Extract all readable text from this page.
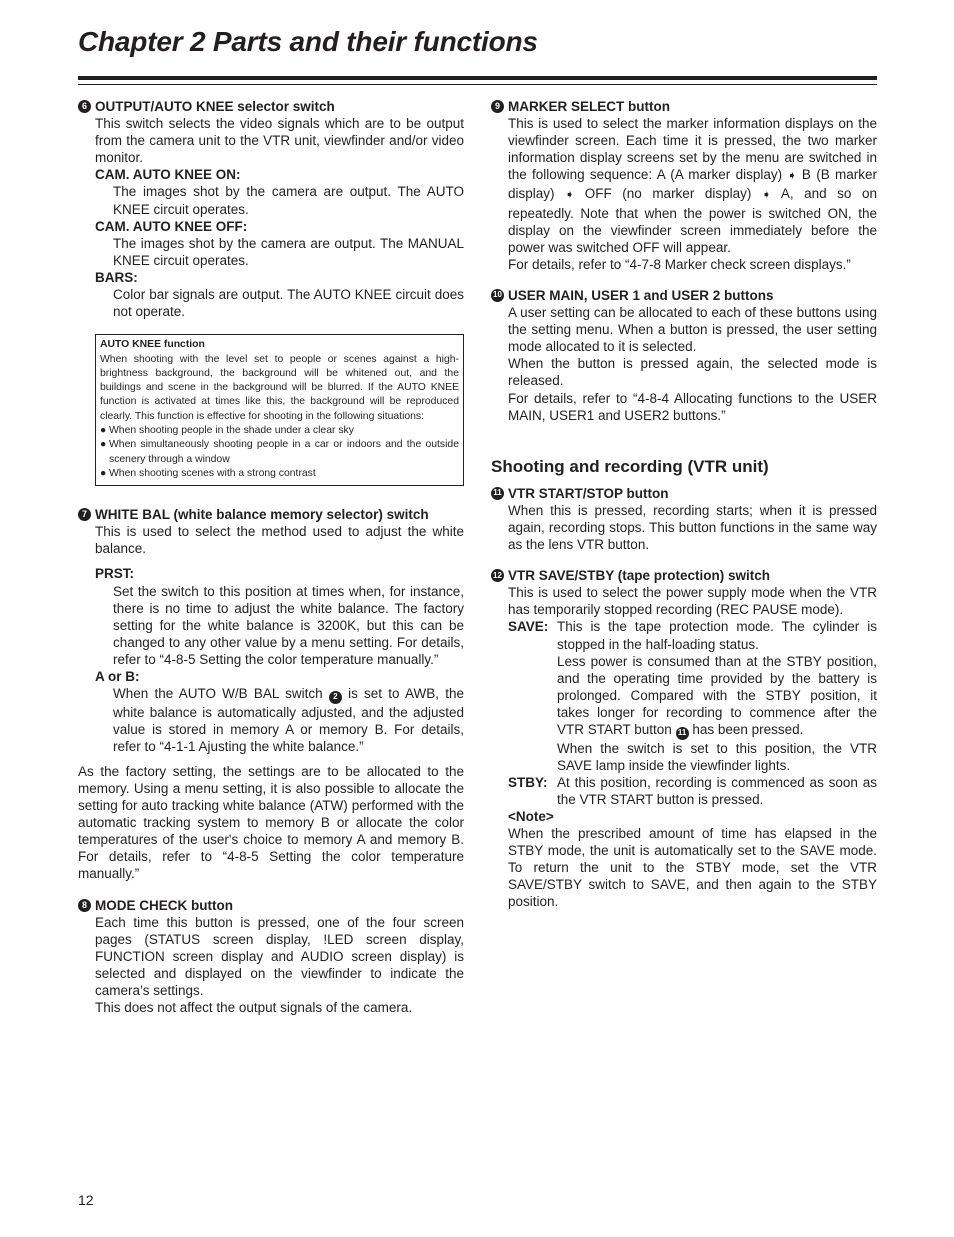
Chapter 2 Parts and their functions
6 OUTPUT/AUTO KNEE selector switch

This switch selects the video signals which are to be output from the camera unit to the VTR unit, viewfinder and/or video monitor.

CAM. AUTO KNEE ON:

The images shot by the camera are output. The AUTO KNEE circuit operates.

CAM. AUTO KNEE OFF:

The images shot by the camera are output. The MANUAL KNEE circuit operates.

BARS:

Color bar signals are output. The AUTO KNEE circuit does not operate.

AUTO KNEE function

When shooting with the level set to people or scenes against a high-brightness background, the background will be whitened out, and the buildings and scene in the background will be blurred. If the AUTO KNEE function is activated at times like this, the background will be reproduced clearly. This function is effective for shooting in the following situations:

● When shooting people in the shade under a clear sky
● When simultaneously shooting people in a car or indoors and the outside scenery through a window
● When shooting scenes with a strong contrast
7 WHITE BAL (white balance memory selector) switch

This is used to select the method used to adjust the white balance.

PRST:

Set the switch to this position at times when, for instance, there is no time to adjust the white balance. The factory setting for the white balance is 3200K, but this can be changed to any other value by a menu setting. For details, refer to “4-8-5 Setting the color temperature manually.”

A or B:

When the AUTO W/B BAL switch 2 is set to AWB, the white balance is automatically adjusted, and the adjusted value is stored in memory A or memory B. For details, refer to “4-1-1 Ajusting the white balance.”

As the factory setting, the settings are to be allocated to the memory. Using a menu setting, it is also possible to allocate the setting for auto tracking white balance (ATW) performed with the automatic tracking system to memory B or allocate the color temperatures of the user's choice to memory A and memory B. For details, refer to “4-8-5 Setting the color temperature manually.”

8 MODE CHECK button

Each time this button is pressed, one of the four screen pages (STATUS screen display, !LED screen display, FUNCTION screen display and AUDIO screen display) is selected and displayed on the viewfinder to indicate the camera’s settings.

This does not affect the output signals of the camera.

9 MARKER SELECT button

This is used to select the marker information displays on the viewfinder screen. Each time it is pressed, the two marker information display screens set by the menu are switched in the following sequence: A (A marker display) ➧ B (B marker display) ➧ OFF (no marker display) ➧ A, and so on repeatedly. Note that when the power is switched ON, the display on the viewfinder screen immediately before the power was switched OFF will appear.

For details, refer to “4-7-8 Marker check screen displays.”

10 USER MAIN, USER 1 and USER 2 buttons

A user setting can be allocated to each of these buttons using the setting menu. When a button is pressed, the user setting mode allocated to it is selected.

When the button is pressed again, the selected mode is released.

For details, refer to “4-8-4 Allocating functions to the USER MAIN, USER1 and USER2 buttons.”

Shooting and recording (VTR unit)
11 VTR START/STOP button

When this is pressed, recording starts; when it is pressed again, recording stops. This button functions in the same way as the lens VTR button.

12 VTR SAVE/STBY (tape protection) switch

This is used to select the power supply mode when the VTR has temporarily stopped recording (REC PAUSE mode).

SAVE: This is the tape protection mode. The cylinder is stopped in the half-loading status.

Less power is consumed than at the STBY position, and the operating time provided by the battery is prolonged. Compared with the STBY position, it takes longer for recording to commence after the VTR START button 11 has been pressed.

When the switch is set to this position, the VTR SAVE lamp inside the viewfinder lights.

STBY: At this position, recording is commenced as soon as the VTR START button is pressed.

<Note>

When the prescribed amount of time has elapsed in the STBY mode, the unit is automatically set to the SAVE mode. To return the unit to the STBY mode, set the VTR SAVE/STBY switch to SAVE, and then again to the STBY position.

12
